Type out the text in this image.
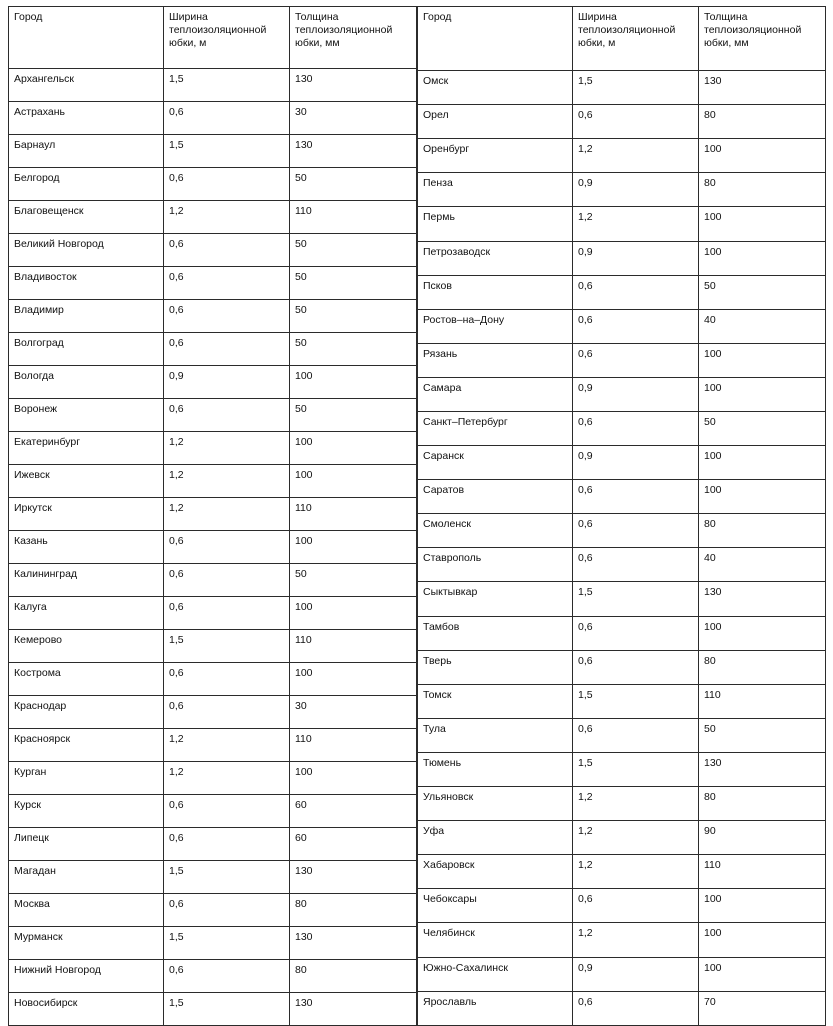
Город	Ширина теплоизоляционной юбки, м	Толщина теплоизоляционной юбки, мм

Архангельск	1,5	130
Астрахань	0,6	30
Барнаул	1,5	130
Белгород	0,6	50
Благовещенск	1,2	110
Великий Новгород	0,6	50
Владивосток	0,6	50
Владимир	0,6	50
Волгоград	0,6	50
Вологда	0,9	100
Воронеж	0,6	50
Екатеринбург	1,2	100
Ижевск	1,2	100
Иркутск	1,2	110
Казань	0,6	100
Калининград	0,6	50
Калуга	0,6	100
Кемерово	1,5	110
Кострома	0,6	100
Краснодар	0,6	30
Красноярск	1,2	110
Курган	1,2	100
Курск	0,6	60
Липецк	0,6	60
Магадан	1,5	130
Москва	0,6	80
Мурманск	1,5	130
Нижний Новгород	0,6	80
Новосибирск	1,5	130
Город	Ширина теплоизоляционной юбки, м	Толщина теплоизоляционной юбки, мм

Омск	1,5	130
Орел	0,6	80
Оренбург	1,2	100
Пенза	0,9	80
Пермь	1,2	100
Петрозаводск	0,9	100
Псков	0,6	50
Ростов–на–Дону	0,6	40
Рязань	0,6	100
Самара	0,9	100
Санкт–Петербург	0,6	50
Саранск	0,9	100
Саратов	0,6	100
Смоленск	0,6	80
Ставрополь	0,6	40
Сыктывкар	1,5	130
Тамбов	0,6	100
Тверь	0,6	80
Томск	1,5	110
Тула	0,6	50
Тюмень	1,5	130
Ульяновск	1,2	80
Уфа	1,2	90
Хабаровск	1,2	110
Чебоксары	0,6	100
Челябинск	1,2	100
Южно-Сахалинск	0,9	100
Ярославль	0,6	70
